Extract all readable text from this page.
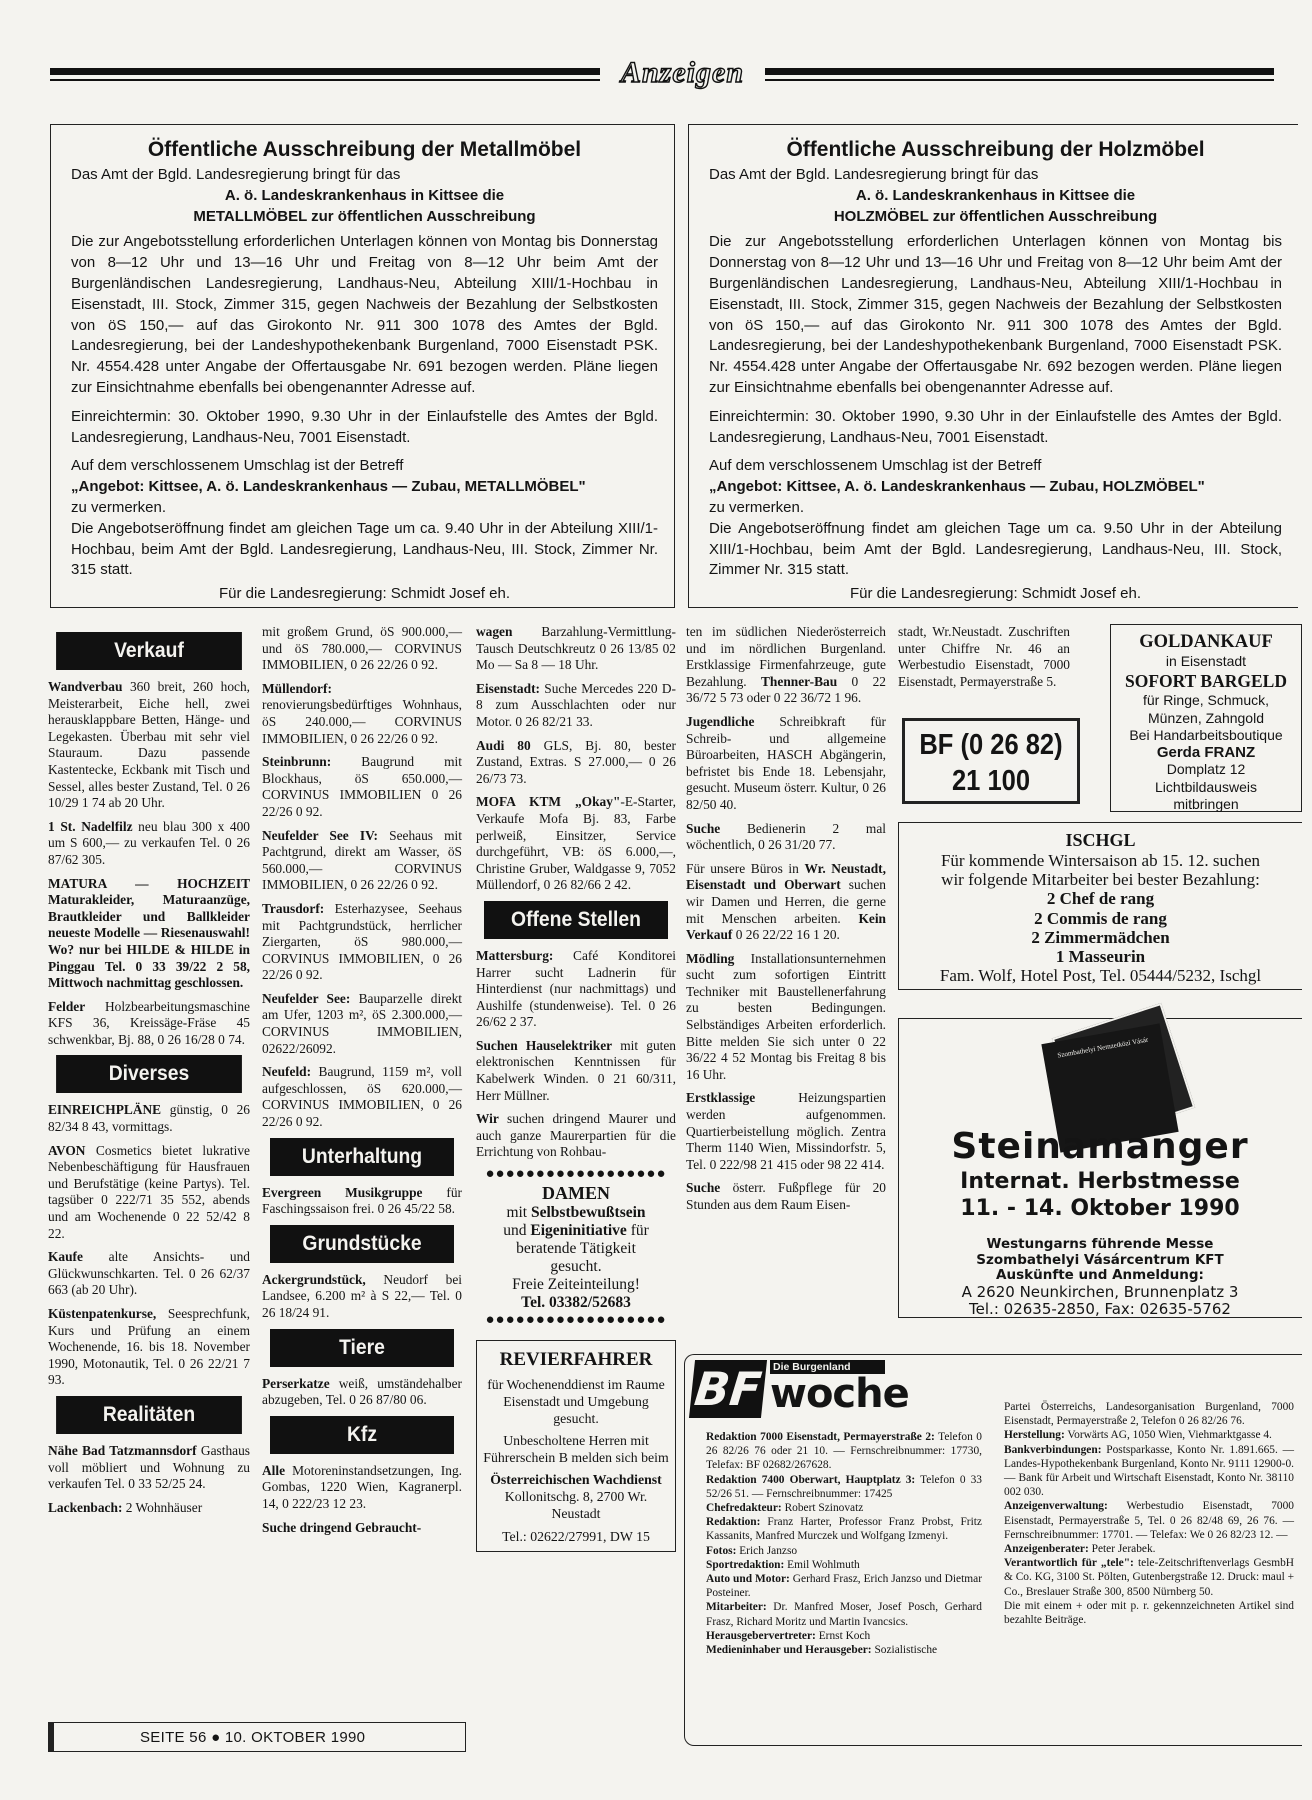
Anzeigen
Öffentliche Ausschreibung der Metallmöbel
Das Amt der Bgld. Landesregierung bringt für das
A. ö. Landeskrankenhaus in Kittsee die
METALLMÖBEL zur öffentlichen Ausschreibung

Die zur Angebotsstellung erforderlichen Unterlagen können von Montag bis Donnerstag von 8—12 Uhr und 13—16 Uhr und Freitag von 8—12 Uhr beim Amt der Burgenländischen Landesregierung, Landhaus-Neu, Abteilung XIII/1-Hochbau in Eisenstadt, III. Stock, Zimmer 315, gegen Nachweis der Bezahlung der Selbstkosten von öS 150,— auf das Girokonto Nr. 911 300 1078 des Amtes der Bgld. Landesregierung, bei der Landeshypothekenbank Burgenland, 7000 Eisenstadt PSK. Nr. 4554.428 unter Angabe der Offertausgabe Nr. 691 bezogen werden. Pläne liegen zur Einsichtnahme ebenfalls bei obengenannter Adresse auf.

Einreichtermin: 30. Oktober 1990, 9.30 Uhr in der Einlaufstelle des Amtes der Bgld. Landesregierung, Landhaus-Neu, 7001 Eisenstadt.

Auf dem verschlossenem Umschlag ist der Betreff
„Angebot: Kittsee, A. ö. Landeskrankenhaus — Zubau, METALLMÖBEL"
zu vermerken.

Die Angebotseröffnung findet am gleichen Tage um ca. 9.40 Uhr in der Abteilung XIII/1-Hochbau, beim Amt der Bgld. Landesregierung, Landhaus-Neu, III. Stock, Zimmer Nr. 315 statt.

Für die Landesregierung: Schmidt Josef eh.
Öffentliche Ausschreibung der Holzmöbel
Das Amt der Bgld. Landesregierung bringt für das
A. ö. Landeskrankenhaus in Kittsee die
HOLZMÖBEL zur öffentlichen Ausschreibung

Die zur Angebotsstellung erforderlichen Unterlagen können von Montag bis Donnerstag von 8—12 Uhr und 13—16 Uhr und Freitag von 8—12 Uhr beim Amt der Burgenländischen Landesregierung, Landhaus-Neu, Abteilung XIII/1-Hochbau in Eisenstadt, III. Stock, Zimmer 315, gegen Nachweis der Bezahlung der Selbstkosten von öS 150,— auf das Girokonto Nr. 911 300 1078 des Amtes der Bgld. Landesregierung, bei der Landeshypothekenbank Burgenland, 7000 Eisenstadt PSK. Nr. 4554.428 unter Angabe der Offertausgabe Nr. 692 bezogen werden. Pläne liegen zur Einsichtnahme ebenfalls bei obengenannter Adresse auf.

Einreichtermin: 30. Oktober 1990, 9.30 Uhr in der Einlaufstelle des Amtes der Bgld. Landesregierung, Landhaus-Neu, 7001 Eisenstadt.

Auf dem verschlossenem Umschlag ist der Betreff
„Angebot: Kittsee, A. ö. Landeskrankenhaus — Zubau, HOLZMÖBEL"
zu vermerken.

Die Angebotseröffnung findet am gleichen Tage um ca. 9.50 Uhr in der Abteilung XIII/1-Hochbau, beim Amt der Bgld. Landesregierung, Landhaus-Neu, III. Stock, Zimmer Nr. 315 statt.

Für die Landesregierung: Schmidt Josef eh.
Verkauf

Wandverbau 360 breit, 260 hoch, Meisterarbeit, Eiche hell, zwei herausklappbare Betten, Hänge- und Legekasten. Überbau mit sehr viel Stauraum. Dazu passende Kastentecke, Eckbank mit Tisch und Sessel, alles bester Zustand, Tel. 0 26 10/29 1 74 ab 20 Uhr.

1 St. Nadelfilz neu blau 300 x 400 um S 600,— zu verkaufen Tel. 0 26 87/62 305.

MATURA — HOCHZEIT Maturakleider, Maturaanzüge, Brautkleider und Ballkleider neueste Modelle — Riesenauswahl! Wo? nur bei HILDE & HILDE in Pinggau Tel. 0 33 39/22 2 58, Mittwoch nachmittag geschlossen.

Felder Holzbearbeitungsmaschine KFS 36, Kreissäge-Fräse 45 schwenkbar, Bj. 88, 0 26 16/28 0 74.

Diverses

EINREICHPLÄNE günstig, 0 26 82/34 8 43, vormittags.

AVON Cosmetics bietet lukrative Nebenbeschäftigung für Hausfrauen und Berufstätige (keine Partys). Tel. tagsüber 0 222/71 35 552, abends und am Wochenende 0 22 52/42 8 22.

Kaufe alte Ansichts- und Glückwunschkarten. Tel. 0 26 62/37 663 (ab 20 Uhr).

Küstenpatenkurse, Seesprechfunk, Kurs und Prüfung an einem Wochenende, 16. bis 18. November 1990, Motonautik, Tel. 0 26 22/21 7 93.

Realitäten

Nähe Bad Tatzmannsdorf Gasthaus voll möbliert und Wohnung zu verkaufen Tel. 0 33 52/25 24.

Lackenbach: 2 Wohnhäuser

mit großem Grund, öS 900.000,— und öS 780.000,— CORVINUS IMMOBILIEN, 0 26 22/26 0 92.

Müllendorf: renovierungsbedürftiges Wohnhaus, öS 240.000,— CORVINUS IMMOBILIEN, 0 26 22/26 0 92.

Steinbrunn: Baugrund mit Blockhaus, öS 650.000,— CORVINUS IMMOBILIEN 0 26 22/26 0 92.

Neufelder See IV: Seehaus mit Pachtgrund, direkt am Wasser, öS 560.000,— CORVINUS IMMOBILIEN, 0 26 22/26 0 92.

Trausdorf: Esterhazysee, Seehaus mit Pachtgrundstück, herrlicher Ziergarten, öS 980.000,— CORVINUS IMMOBILIEN, 0 26 22/26 0 92.

Neufelder See: Bauparzelle direkt am Ufer, 1203 m², öS 2.300.000,— CORVINUS IMMOBILIEN, 02622/26092.

Neufeld: Baugrund, 1159 m², voll aufgeschlossen, öS 620.000,— CORVINUS IMMOBILIEN, 0 26 22/26 0 92.

Unterhaltung

Evergreen Musikgruppe für Faschingssaison frei. 0 26 45/22 58.

Grundstücke

Ackergrundstück, Neudorf bei Landsee, 6.200 m² à S 22,— Tel. 0 26 18/24 91.

Tiere

Perserkatze weiß, umständehalber abzugeben, Tel. 0 26 87/80 06.

Kfz

Alle Motoreninstandsetzungen, Ing. Gombas, 1220 Wien, Kagranerpl. 14, 0 222/23 12 23.

Suche dringend Gebraucht-

wagen Barzahlung-Vermittlung-Tausch Deutschkreutz 0 26 13/85 02 Mo — Sa 8 — 18 Uhr.

Eisenstadt: Suche Mercedes 220 D-8 zum Ausschlachten oder nur Motor. 0 26 82/21 33.

Audi 80 GLS, Bj. 80, bester Zustand, Extras. S 27.000,— 0 26 26/73 73.

MOFA KTM „Okay"-E-Starter, Verkaufe Mofa Bj. 83, Farbe perlweiß, Einsitzer, Service durchgeführt, VB: öS 6.000,—, Christine Gruber, Waldgasse 9, 7052 Müllendorf, 0 26 82/66 2 42.

Offene Stellen

Mattersburg: Café Konditorei Harrer sucht Ladnerin für Hinterdienst (nur nachmittags) und Aushilfe (stundenweise). Tel. 0 26 26/62 2 37.

Suchen Hauselektriker mit guten elektronischen Kenntnissen für Kabelwerk Winden. 0 21 60/311, Herr Müllner.

Wir suchen dringend Maurer und auch ganze Maurerpartien für die Errichtung von Rohbau-

●●●●●●●●●●●●●●●●●●
DAMEN
mit Selbstbewußtsein
und Eigeninitiative für
beratende Tätigkeit
gesucht.
Freie Zeiteinteilung!
Tel. 03382/52683
●●●●●●●●●●●●●●●●●●
REVIERFAHRER
für Wochenenddienst im Raume Eisenstadt und Umgebung gesucht.
Unbescholtene Herren mit Führerschein B melden sich beim
Österreichischen Wachdienst
Kollonitschg. 8, 2700 Wr. Neustadt
Tel.: 02622/27991, DW 15

ten im südlichen Niederösterreich und im nördlichen Burgenland. Erstklassige Firmenfahrzeuge, gute Bezahlung. Thenner-Bau 0 22 36/72 5 73 oder 0 22 36/72 1 96.

Jugendliche Schreibkraft für Schreib- und allgemeine Büroarbeiten, HASCH Abgängerin, befristet bis Ende 18. Lebensjahr, gesucht. Museum österr. Kultur, 0 26 82/50 40.

Suche Bedienerin 2 mal wöchentlich, 0 26 31/20 77.

Für unsere Büros in Wr. Neustadt, Eisenstadt und Oberwart suchen wir Damen und Herren, die gerne mit Menschen arbeiten. Kein Verkauf 0 26 22/22 16 1 20.

Mödling Installationsunternehmen sucht zum sofortigen Eintritt Techniker mit Baustellenerfahrung zu besten Bedingungen. Selbständiges Arbeiten erforderlich. Bitte melden Sie sich unter 0 22 36/22 4 52 Montag bis Freitag 8 bis 16 Uhr.

Erstklassige Heizungspartien werden aufgenommen. Quartierbeistellung möglich. Zentra Therm 1140 Wien, Missindorfstr. 5, Tel. 0 222/98 21 415 oder 98 22 414.

Suche österr. Fußpflege für 20 Stunden aus dem Raum Eisen-

stadt, Wr.Neustadt. Zuschriften unter Chiffre Nr. 46 an Werbestudio Eisenstadt, 7000 Eisenstadt, Permayerstraße 5.

BF (0 26 82)
21 100
GOLDANKAUF
in Eisenstadt
SOFORT BARGELD
für Ringe, Schmuck,
Münzen, Zahngold
Bei Handarbeitsboutique
Gerda FRANZ
Domplatz 12
Lichtbildausweis
mitbringen
ISCHGL
Für kommende Wintersaison ab 15. 12. suchen
wir folgende Mitarbeiter bei bester Bezahlung:
2 Chef de rang
2 Commis de rang
2 Zimmermädchen
1 Masseurin
Fam. Wolf, Hotel Post, Tel. 05444/5232, Ischgl
Szombathelyi Nemzetközi Vásár
Steinamanger
Internat. Herbstmesse
11. - 14. Oktober 1990
Westungarns führende Messe
Szombathelyi Vásárcentrum KFT
Auskünfte und Anmeldung:
A 2620 Neunkirchen, Brunnenplatz 3
Tel.: 02635-2850, Fax: 02635-5762
BF Die Burgenland
woche
Redaktion 7000 Eisenstadt, Permayerstraße 2: Telefon 0 26 82/26 76 oder 21 10. — Fernschreibnummer: 17730, Telefax: BF 02682/267628.
Redaktion 7400 Oberwart, Hauptplatz 3: Telefon 0 33 52/26 51. — Fernschreibnummer: 17425
Chefredakteur: Robert Szinovatz
Redaktion: Franz Harter, Professor Franz Probst, Fritz Kassanits, Manfred Murczek und Wolfgang Izmenyi.
Fotos: Erich Janzso
Sportredaktion: Emil Wohlmuth
Auto und Motor: Gerhard Frasz, Erich Janzso und Dietmar Posteiner.
Mitarbeiter: Dr. Manfred Moser, Josef Posch, Gerhard Frasz, Richard Moritz und Martin Ivancsics.
Herausgebervertreter: Ernst Koch
Medieninhaber und Herausgeber: Sozialistische
Partei Österreichs, Landesorganisation Burgenland, 7000 Eisenstadt, Permayerstraße 2, Telefon 0 26 82/26 76.
Herstellung: Vorwärts AG, 1050 Wien, Viehmarktgasse 4.
Bankverbindungen: Postsparkasse, Konto Nr. 1.891.665. — Landes-Hypothekenbank Burgenland, Konto Nr. 9111 12900-0. — Bank für Arbeit und Wirtschaft Eisenstadt, Konto Nr. 38110 002 030.
Anzeigenverwaltung: Werbestudio Eisenstadt, 7000 Eisenstadt, Permayerstraße 5, Tel. 0 26 82/48 69, 26 76. — Fernschreibnummer: 17701. — Telefax: We 0 26 82/23 12. —
Anzeigenberater: Peter Jerabek.
Verantwortlich für „tele": tele-Zeitschriftenverlags GesmbH & Co. KG, 3100 St. Pölten, Gutenbergstraße 12. Druck: maul + Co., Breslauer Straße 300, 8500 Nürnberg 50.
Die mit einem + oder mit p. r. gekennzeichneten Artikel sind bezahlte Beiträge.
SEITE 56 ● 10. OKTOBER 1990
